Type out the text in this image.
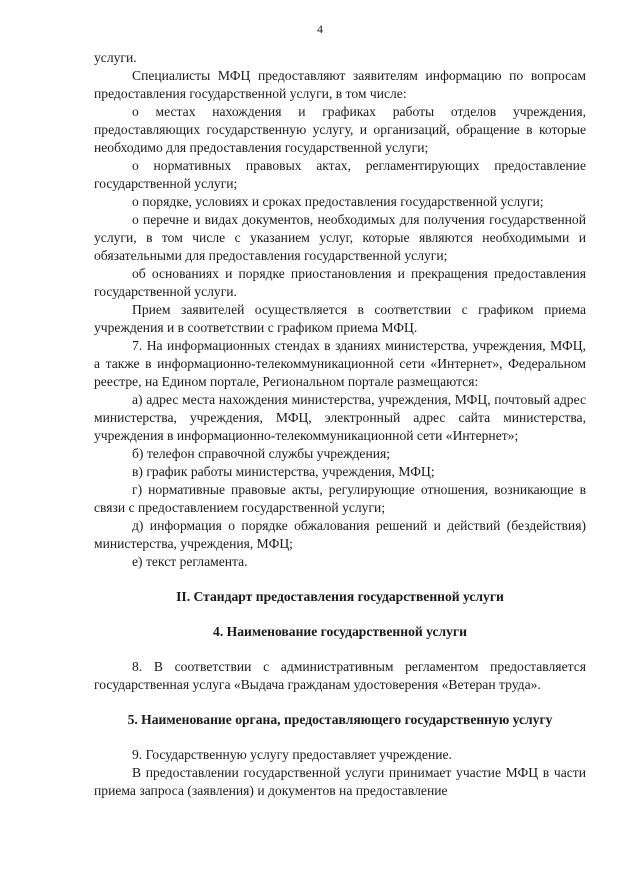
4

услуги.

Специалисты МФЦ предоставляют заявителям информацию по вопросам предоставления государственной услуги, в том числе:

о местах нахождения и графиках работы отделов учреждения, предоставляющих государственную услугу, и организаций, обращение в которые необходимо для предоставления государственной услуги;

о нормативных правовых актах, регламентирующих предоставление государственной услуги;

о порядке, условиях и сроках предоставления государственной услуги;

о перечне и видах документов, необходимых для получения государственной услуги, в том числе с указанием услуг, которые являются необходимыми и обязательными для предоставления государственной услуги;

об основаниях и порядке приостановления и прекращения предоставления государственной услуги.

Прием заявителей осуществляется в соответствии с графиком приема учреждения и в соответствии с графиком приема МФЦ.

7. На информационных стендах в зданиях министерства, учреждения, МФЦ, а также в информационно-телекоммуникационной сети «Интернет», Федеральном реестре, на Едином портале, Региональном портале размещаются:

а) адрес места нахождения министерства, учреждения, МФЦ, почтовый адрес министерства, учреждения, МФЦ, электронный адрес сайта министерства, учреждения в информационно-телекоммуникационной сети «Интернет»;

б) телефон справочной службы учреждения;

в) график работы министерства, учреждения, МФЦ;

г) нормативные правовые акты, регулирующие отношения, возникающие в связи с предоставлением государственной услуги;

д) информация о порядке обжалования решений и действий (бездействия) министерства, учреждения, МФЦ;

е) текст регламента.

II. Стандарт предоставления государственной услуги

4. Наименование государственной услуги

8. В соответствии с административным регламентом предоставляется государственная услуга «Выдача гражданам удостоверения «Ветеран труда».

5. Наименование органа, предоставляющего государственную услугу

9. Государственную услугу предоставляет учреждение.

В предоставлении государственной услуги принимает участие МФЦ в части приема запроса (заявления) и документов на предоставление
